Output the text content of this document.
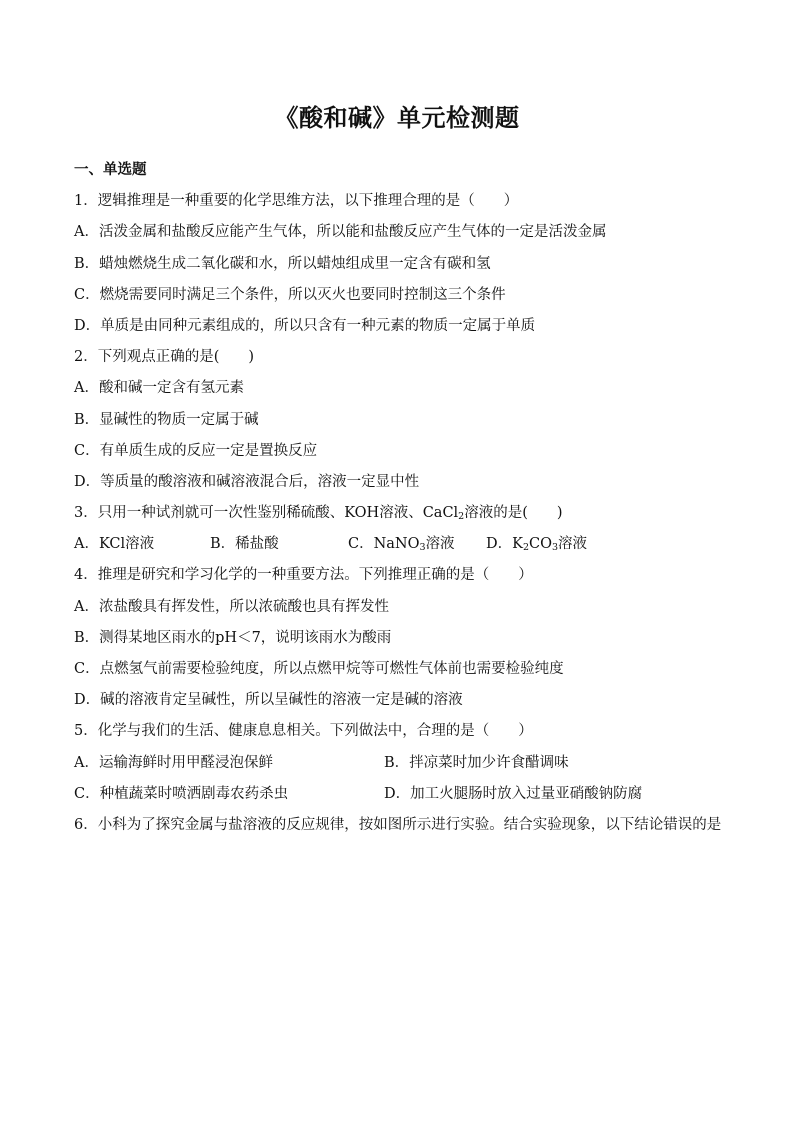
《酸和碱》单元检测题
一、单选题
1．逻辑推理是一种重要的化学思维方法，以下推理合理的是（　　）
A．活泼金属和盐酸反应能产生气体，所以能和盐酸反应产生气体的一定是活泼金属
B．蜡烛燃烧生成二氧化碳和水，所以蜡烛组成里一定含有碳和氢
C．燃烧需要同时满足三个条件，所以灭火也要同时控制这三个条件
D．单质是由同种元素组成的，所以只含有一种元素的物质一定属于单质
2．下列观点正确的是(　　)
A．酸和碱一定含有氢元素
B．显碱性的物质一定属于碱
C．有单质生成的反应一定是置换反应
D．等质量的酸溶液和碱溶液混合后，溶液一定显中性
3．只用一种试剂就可一次性鉴别稀硫酸、KOH溶液、CaCl$_2$溶液的是(　　)
A．KCl溶液	B．稀盐酸	C．NaNO$_3$溶液	D．$K_2CO_3$溶液
4．推理是研究和学习化学的一种重要方法。下列推理正确的是（　　）
A．浓盐酸具有挥发性，所以浓硫酸也具有挥发性
B．测得某地区雨水的pH＜7，说明该雨水为酸雨
C．点燃氢气前需要检验纯度，所以点燃甲烷等可燃性气体前也需要检验纯度
D．碱的溶液肯定呈碱性，所以呈碱性的溶液一定是碱的溶液
5．化学与我们的生活、健康息息相关。下列做法中，合理的是（　　）
A．运输海鲜时用甲醛浸泡保鲜	B．拌凉菜时加少许食醋调味
C．种植蔬菜时喷洒剧毒农药杀虫	D．加工火腿肠时放入过量亚硝酸钠防腐
6．小科为了探究金属与盐溶液的反应规律，按如图所示进行实验。结合实验现象，以下结论错误的是
